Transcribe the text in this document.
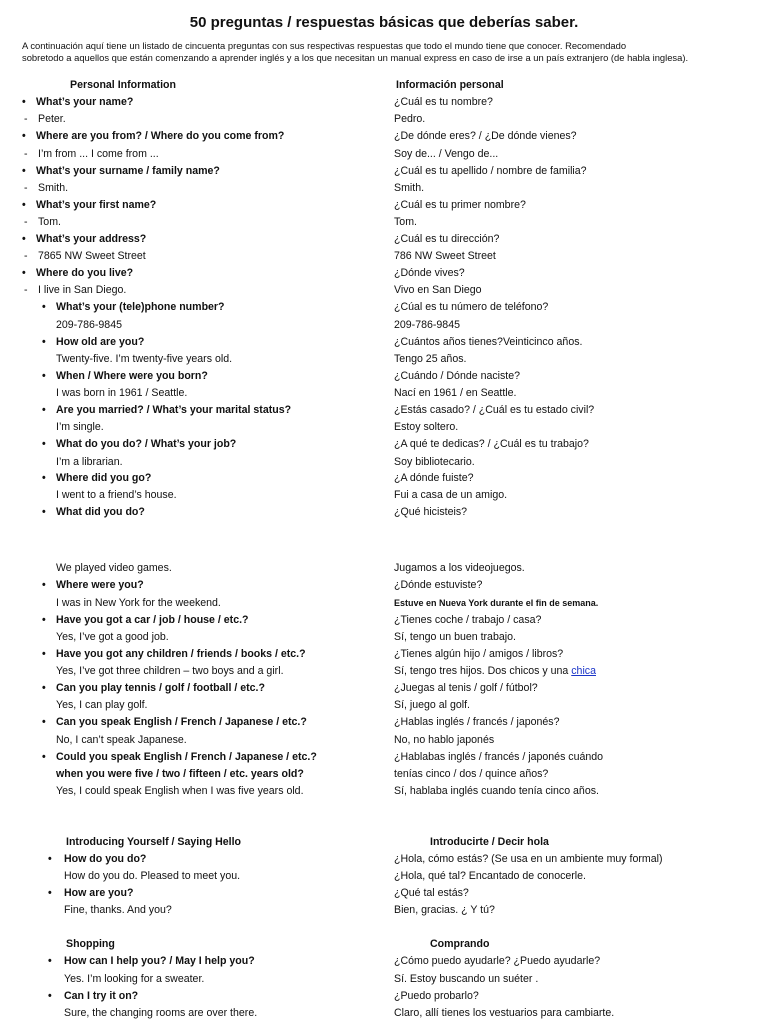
50 preguntas / respuestas básicas que deberías saber.

A continuación aquí tiene un listado de cincuenta preguntas con sus respectivas respuestas que todo el mundo tiene que conocer. Recomendado
sobretodo a aquellos que están comenzando a aprender inglés y a los que necesitan un manual express en caso de irse a un país extranjero (de habla inglesa).

Personal Information	Información personal
• What’s your name?	¿Cuál es tu nombre?
- Peter.	Pedro.
• Where are you from? / Where do you come from?	¿De dónde eres? / ¿De dónde vienes?
- I’m from ... I come from ...	Soy de... / Vengo de...
• What’s your surname / family name?	¿Cuál es tu apellido / nombre de familia?
- Smith.	Smith.
• What’s your first name?	¿Cuál es tu primer nombre?
- Tom.	Tom.
• What’s your address?	¿Cuál es tu dirección?
- 7865 NW Sweet Street	786 NW Sweet Street
• Where do you live?	¿Dónde vives?
- I live in San Diego.	Vivo en San Diego
• What’s your (tele)phone number?	¿Cúal es tu número de teléfono?
209-786-9845	209-786-9845
• How old are you?	¿Cuántos años tienes?Veinticinco años.
Twenty-five. I’m twenty-five years old.	Tengo 25 años.
• When / Where were you born?	¿Cuándo / Dónde naciste?
I was born in 1961 / Seattle.	Nací en 1961 / en Seattle.
• Are you married? / What’s your marital status?	¿Estás casado? / ¿Cuál es tu estado civil?
I’m single.	Estoy soltero.
• What do you do? / What’s your job?	¿A qué te dedicas? / ¿Cuál es tu trabajo?
I’m a librarian.	Soy bibliotecario.
• Where did you go?	¿A dónde fuiste?
I went to a friend’s house.	Fui a casa de un amigo.
• What did you do?	¿Qué hicisteis?
We played video games.	Jugamos a los videojuegos.
• Where were you?	¿Dónde estuviste?
I was in New York for the weekend.	Estuve en Nueva York durante el fin de semana.
• Have you got a car / job / house / etc.?	¿Tienes coche / trabajo / casa?
Yes, I’ve got a good job.	Sí, tengo un buen trabajo.
• Have you got any children / friends / books / etc.?	¿Tienes algún hijo / amigos / libros?
Yes, I’ve got three children – two boys and a girl.	Sí, tengo tres hijos. Dos chicos y una chica
• Can you play tennis / golf / football / etc.?	¿Juegas al tenis / golf / fútbol?
Yes, I can play golf.	Sí, juego al golf.
• Can you speak English / French / Japanese / etc.?	¿Hablas inglés / francés / japonés?
No, I can’t speak Japanese.	No, no hablo japonés
• Could you speak English / French / Japanese / etc.?	¿Hablabas inglés / francés / japonés cuándo
when you were five / two / fifteen / etc. years old?	tenías cinco / dos / quince años?
Yes, I could speak English when I was five years old.	Sí, hablaba inglés cuando tenía cinco años.
Introducing Yourself / Saying Hello	Introducirte / Decir hola
• How do you do?	¿Hola, cómo estás? (Se usa en un ambiente muy formal)
How do you do. Pleased to meet you.	¿Hola, qué tal? Encantado de conocerle.
• How are you?	¿Qué tal estás?
Fine, thanks. And you?	Bien, gracias. ¿ Y tú?
Shopping	Comprando
• How can I help you? / May I help you?	¿Cómo puedo ayudarle? ¿Puedo ayudarle?
Yes. I’m looking for a sweater.	Sí. Estoy buscando un suéter .
• Can I try it on?	¿Puedo probarlo?
Sure, the changing rooms are over there.	Claro, allí tienes los vestuarios para cambiarte.
